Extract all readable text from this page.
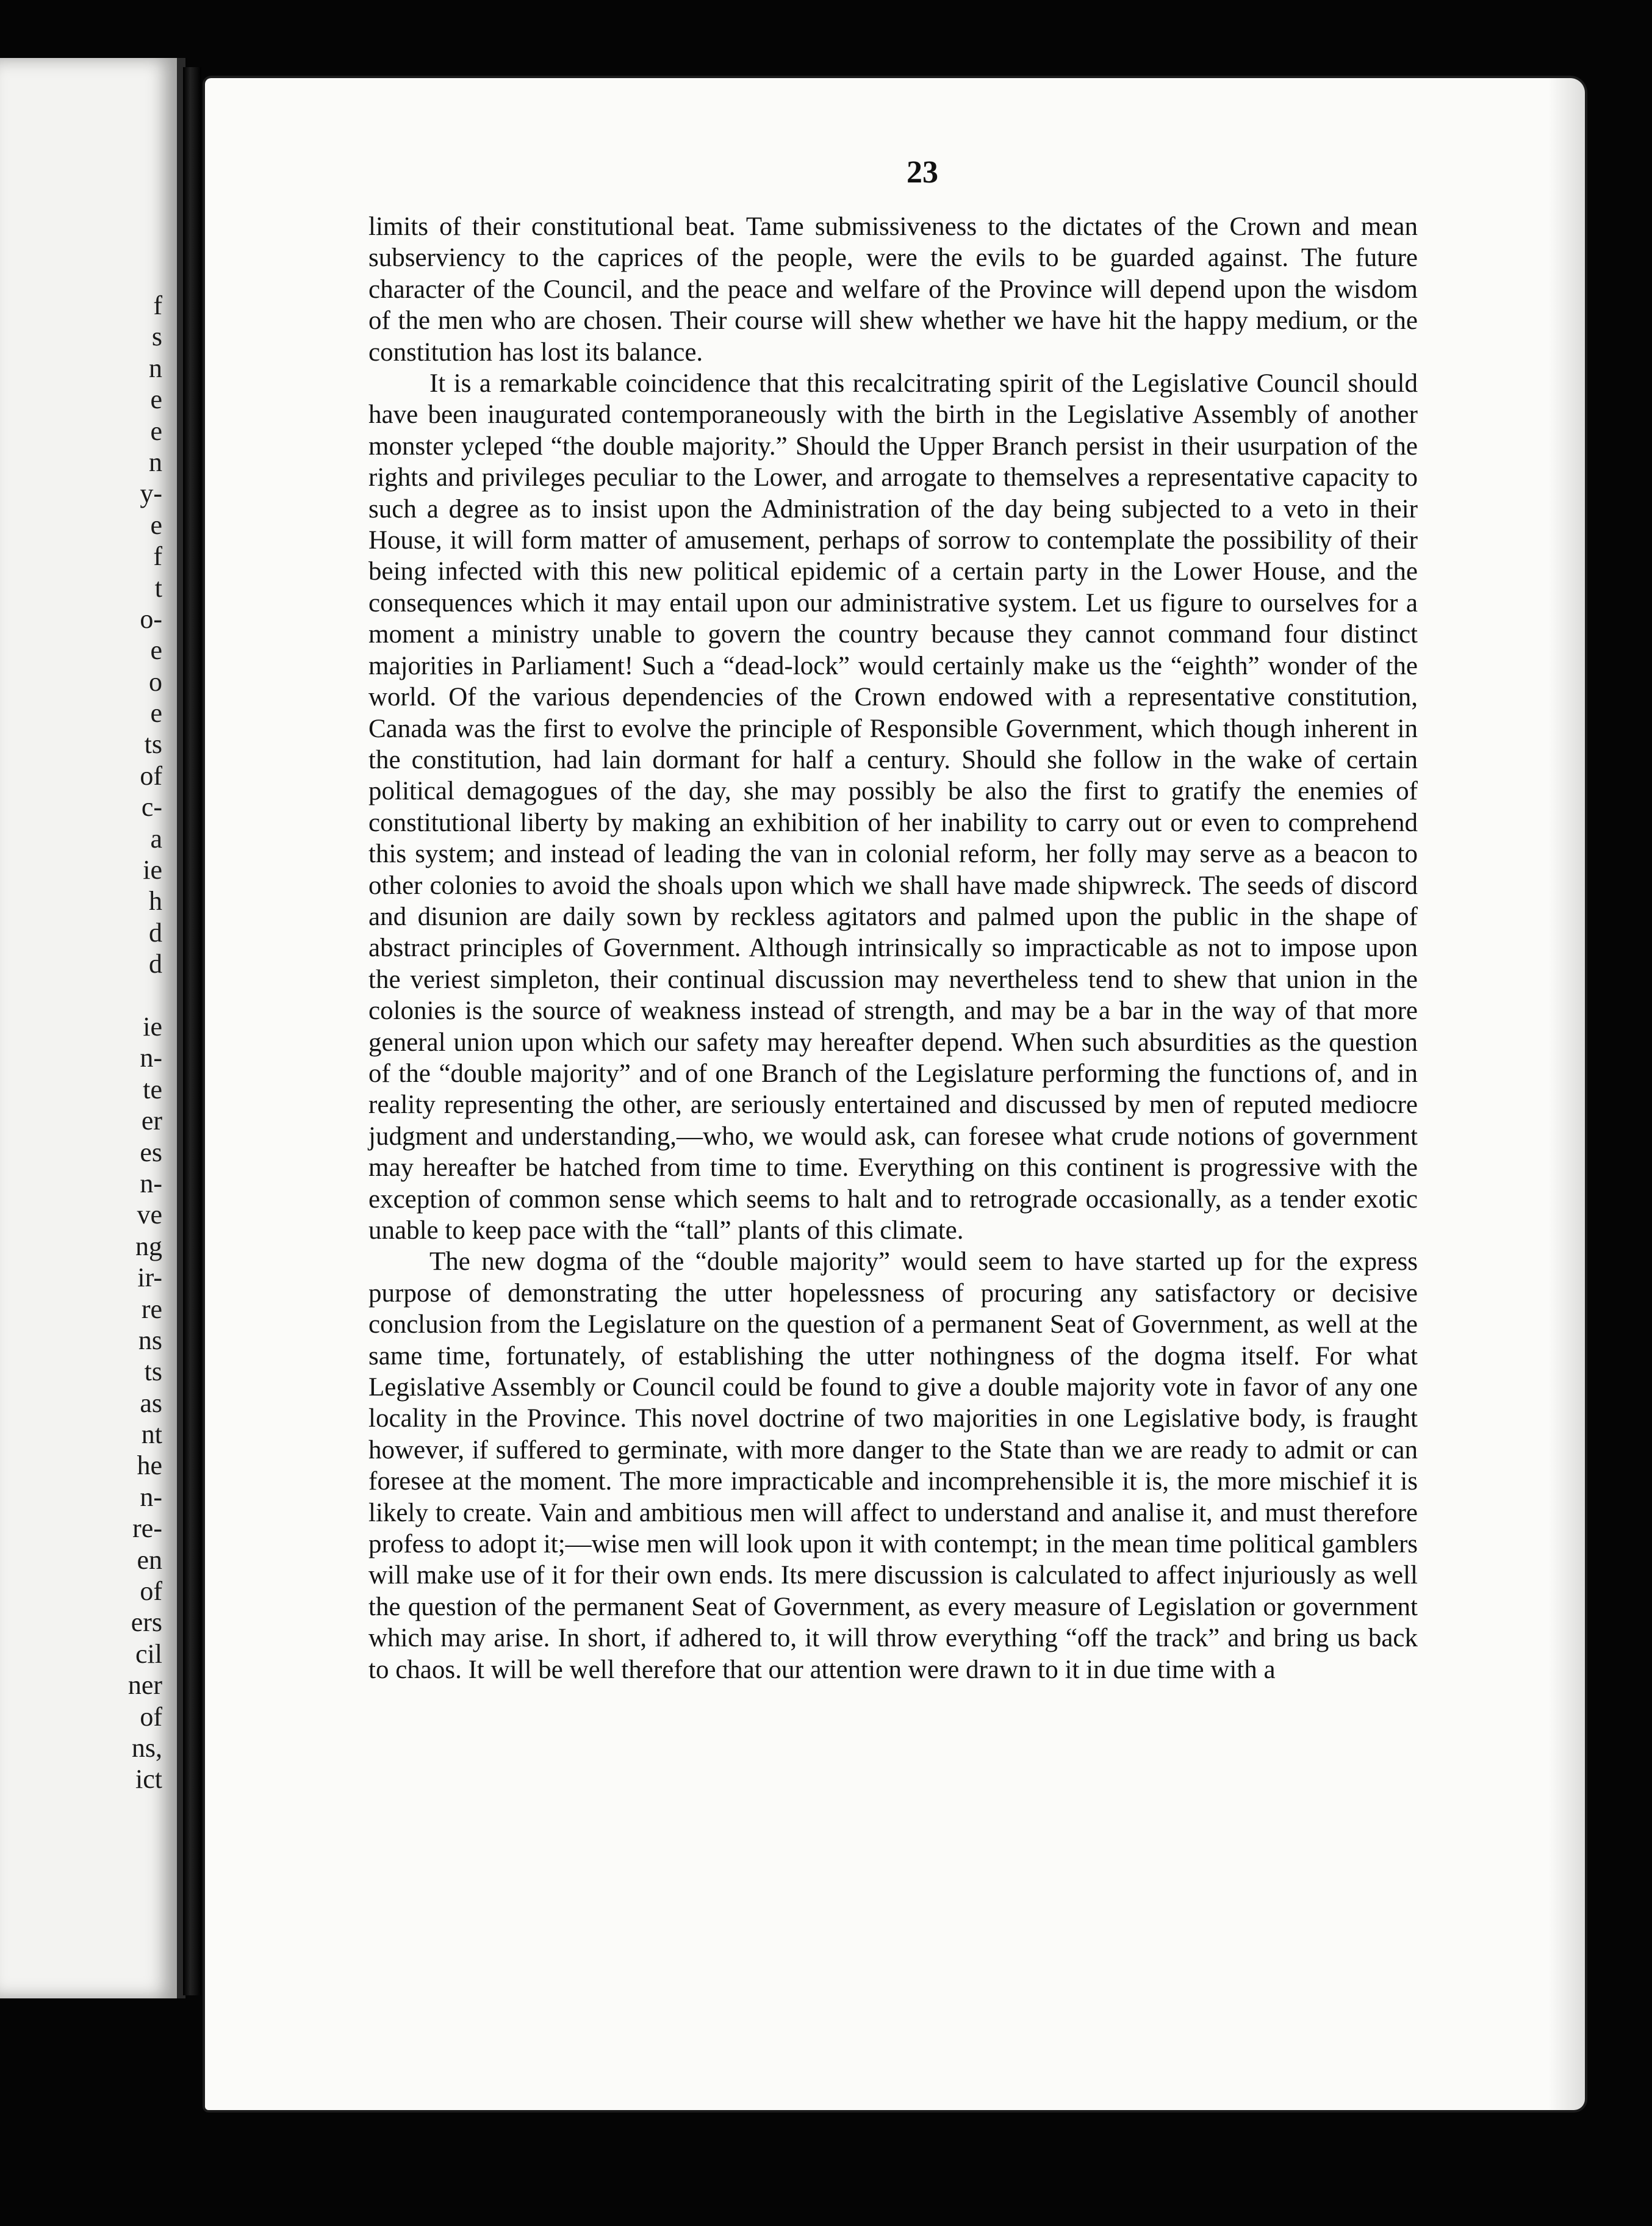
f
s
n
e
e
n
y-
e
f
t
o-
e
o
e
ts
of
c-
a
ie
h
d
d
ie
n-
te
er
es
n-
ve
ng
ir-
re
ns
ts
as
nt
he
n-
re-
en
of
ers
cil
ner
of
ns,
ict
23

limits of their constitutional beat. Tame submissiveness to the dictates of the Crown and mean subserviency to the caprices of the people, were the evils to be guarded against. The future character of the Council, and the peace and welfare of the Province will depend upon the wisdom of the men who are chosen. Their course will shew whether we have hit the happy medium, or the constitution has lost its balance.

It is a remarkable coincidence that this recalcitrating spirit of the Legislative Council should have been inaugurated contemporaneously with the birth in the Legislative Assembly of another monster ycleped “the double majority.” Should the Upper Branch persist in their usurpation of the rights and privileges peculiar to the Lower, and arrogate to themselves a representative capacity to such a degree as to insist upon the Administration of the day being subjected to a veto in their House, it will form matter of amusement, perhaps of sorrow to contemplate the possibility of their being infected with this new political epidemic of a certain party in the Lower House, and the consequences which it may entail upon our administrative system. Let us figure to ourselves for a moment a ministry unable to govern the country because they cannot command four distinct majorities in Parliament! Such a “dead-lock” would certainly make us the “eighth” wonder of the world. Of the various dependencies of the Crown endowed with a representative constitution, Canada was the first to evolve the principle of Responsible Government, which though inherent in the constitution, had lain dormant for half a century. Should she follow in the wake of certain political demagogues of the day, she may possibly be also the first to gratify the enemies of constitutional liberty by making an exhibition of her inability to carry out or even to comprehend this system; and instead of leading the van in colonial reform, her folly may serve as a beacon to other colonies to avoid the shoals upon which we shall have made shipwreck. The seeds of discord and disunion are daily sown by reckless agitators and palmed upon the public in the shape of abstract principles of Government. Although intrinsically so impracticable as not to impose upon the veriest simpleton, their continual discussion may nevertheless tend to shew that union in the colonies is the source of weakness instead of strength, and may be a bar in the way of that more general union upon which our safety may hereafter depend. When such absurdities as the question of the “double majority” and of one Branch of the Legislature performing the functions of, and in reality representing the other, are seriously entertained and discussed by men of reputed mediocre judgment and understanding,—who, we would ask, can foresee what crude notions of government may hereafter be hatched from time to time. Everything on this continent is progressive with the exception of common sense which seems to halt and to retrograde occasionally, as a tender exotic unable to keep pace with the “tall” plants of this climate.

The new dogma of the “double majority” would seem to have started up for the express purpose of demonstrating the utter hopelessness of procuring any satisfactory or decisive conclusion from the Legislature on the question of a permanent Seat of Government, as well at the same time, fortunately, of establishing the utter nothingness of the dogma itself. For what Legislative Assembly or Council could be found to give a double majority vote in favor of any one locality in the Province. This novel doctrine of two majorities in one Legislative body, is fraught however, if suffered to germinate, with more danger to the State than we are ready to admit or can foresee at the moment. The more impracticable and incomprehensible it is, the more mischief it is likely to create. Vain and ambitious men will affect to understand and analise it, and must therefore profess to adopt it;—wise men will look upon it with contempt; in the mean time political gamblers will make use of it for their own ends. Its mere discussion is calculated to affect injuriously as well the question of the permanent Seat of Government, as every measure of Legislation or government which may arise. In short, if adhered to, it will throw everything “off the track” and bring us back to chaos. It will be well therefore that our attention were drawn to it in due time with a
